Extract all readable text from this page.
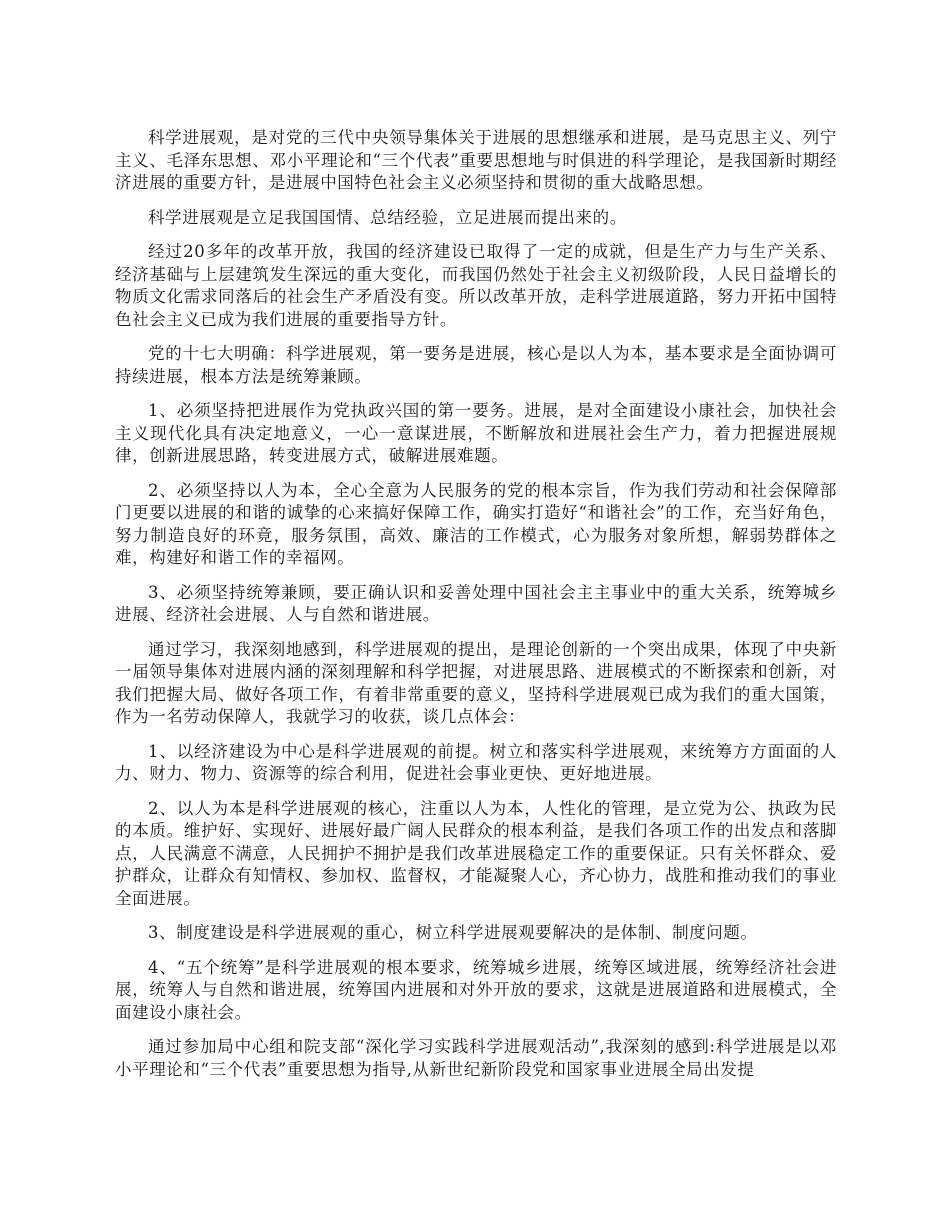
科学进展观，是对党的三代中央领导集体关于进展的思想继承和进展，是马克思主义、列宁主义、毛泽东思想、邓小平理论和“三个代表”重要思想地与时俱进的科学理论，是我国新时期经济进展的重要方针，是进展中国特色社会主义必须坚持和贯彻的重大战略思想。

科学进展观是立足我国国情、总结经验，立足进展而提出来的。

经过20多年的改革开放，我国的经济建设已取得了一定的成就，但是生产力与生产关系、经济基础与上层建筑发生深远的重大变化，而我国仍然处于社会主义初级阶段，人民日益增长的物质文化需求同落后的社会生产矛盾没有变。所以改革开放，走科学进展道路，努力开拓中国特色社会主义已成为我们进展的重要指导方针。

党的十七大明确：科学进展观，第一要务是进展，核心是以人为本，基本要求是全面协调可持续进展，根本方法是统筹兼顾。

1、必须坚持把进展作为党执政兴国的第一要务。进展，是对全面建设小康社会，加快社会主义现代化具有决定地意义，一心一意谋进展，不断解放和进展社会生产力，着力把握进展规律，创新进展思路，转变进展方式，破解进展难题。

2、必须坚持以人为本，全心全意为人民服务的党的根本宗旨，作为我们劳动和社会保障部门更要以进展的和谐的诚挚的心来搞好保障工作，确实打造好“和谐社会”的工作，充当好角色，努力制造良好的环竟，服务氛围，高效、廉洁的工作模式，心为服务对象所想，解弱势群体之难，构建好和谐工作的幸福网。

3、必须坚持统筹兼顾，要正确认识和妥善处理中国社会主主事业中的重大关系，统筹城乡进展、经济社会进展、人与自然和谐进展。

通过学习，我深刻地感到，科学进展观的提出，是理论创新的一个突出成果，体现了中央新一届领导集体对进展内涵的深刻理解和科学把握，对进展思路、进展模式的不断探索和创新，对我们把握大局、做好各项工作，有着非常重要的意义，坚持科学进展观已成为我们的重大国策，作为一名劳动保障人，我就学习的收获，谈几点体会：

1、以经济建设为中心是科学进展观的前提。树立和落实科学进展观，来统筹方方面面的人力、财力、物力、资源等的综合利用，促进社会事业更快、更好地进展。

2、以人为本是科学进展观的核心，注重以人为本，人性化的管理，是立党为公、执政为民的本质。维护好、实现好、进展好最广阔人民群众的根本利益，是我们各项工作的出发点和落脚点，人民满意不满意，人民拥护不拥护是我们改革进展稳定工作的重要保证。只有关怀群众、爱护群众，让群众有知情权、参加权、监督权，才能凝聚人心，齐心协力，战胜和推动我们的事业全面进展。

3、制度建设是科学进展观的重心，树立科学进展观要解决的是体制、制度问题。

4、“五个统筹”是科学进展观的根本要求，统筹城乡进展，统筹区域进展，统筹经济社会进展，统筹人与自然和谐进展，统筹国内进展和对外开放的要求，这就是进展道路和进展模式，全面建设小康社会。

通过参加局中心组和院支部“深化学习实践科学进展观活动”,我深刻的感到:科学进展是以邓小平理论和“三个代表”重要思想为指导,从新世纪新阶段党和国家事业进展全局出发提
